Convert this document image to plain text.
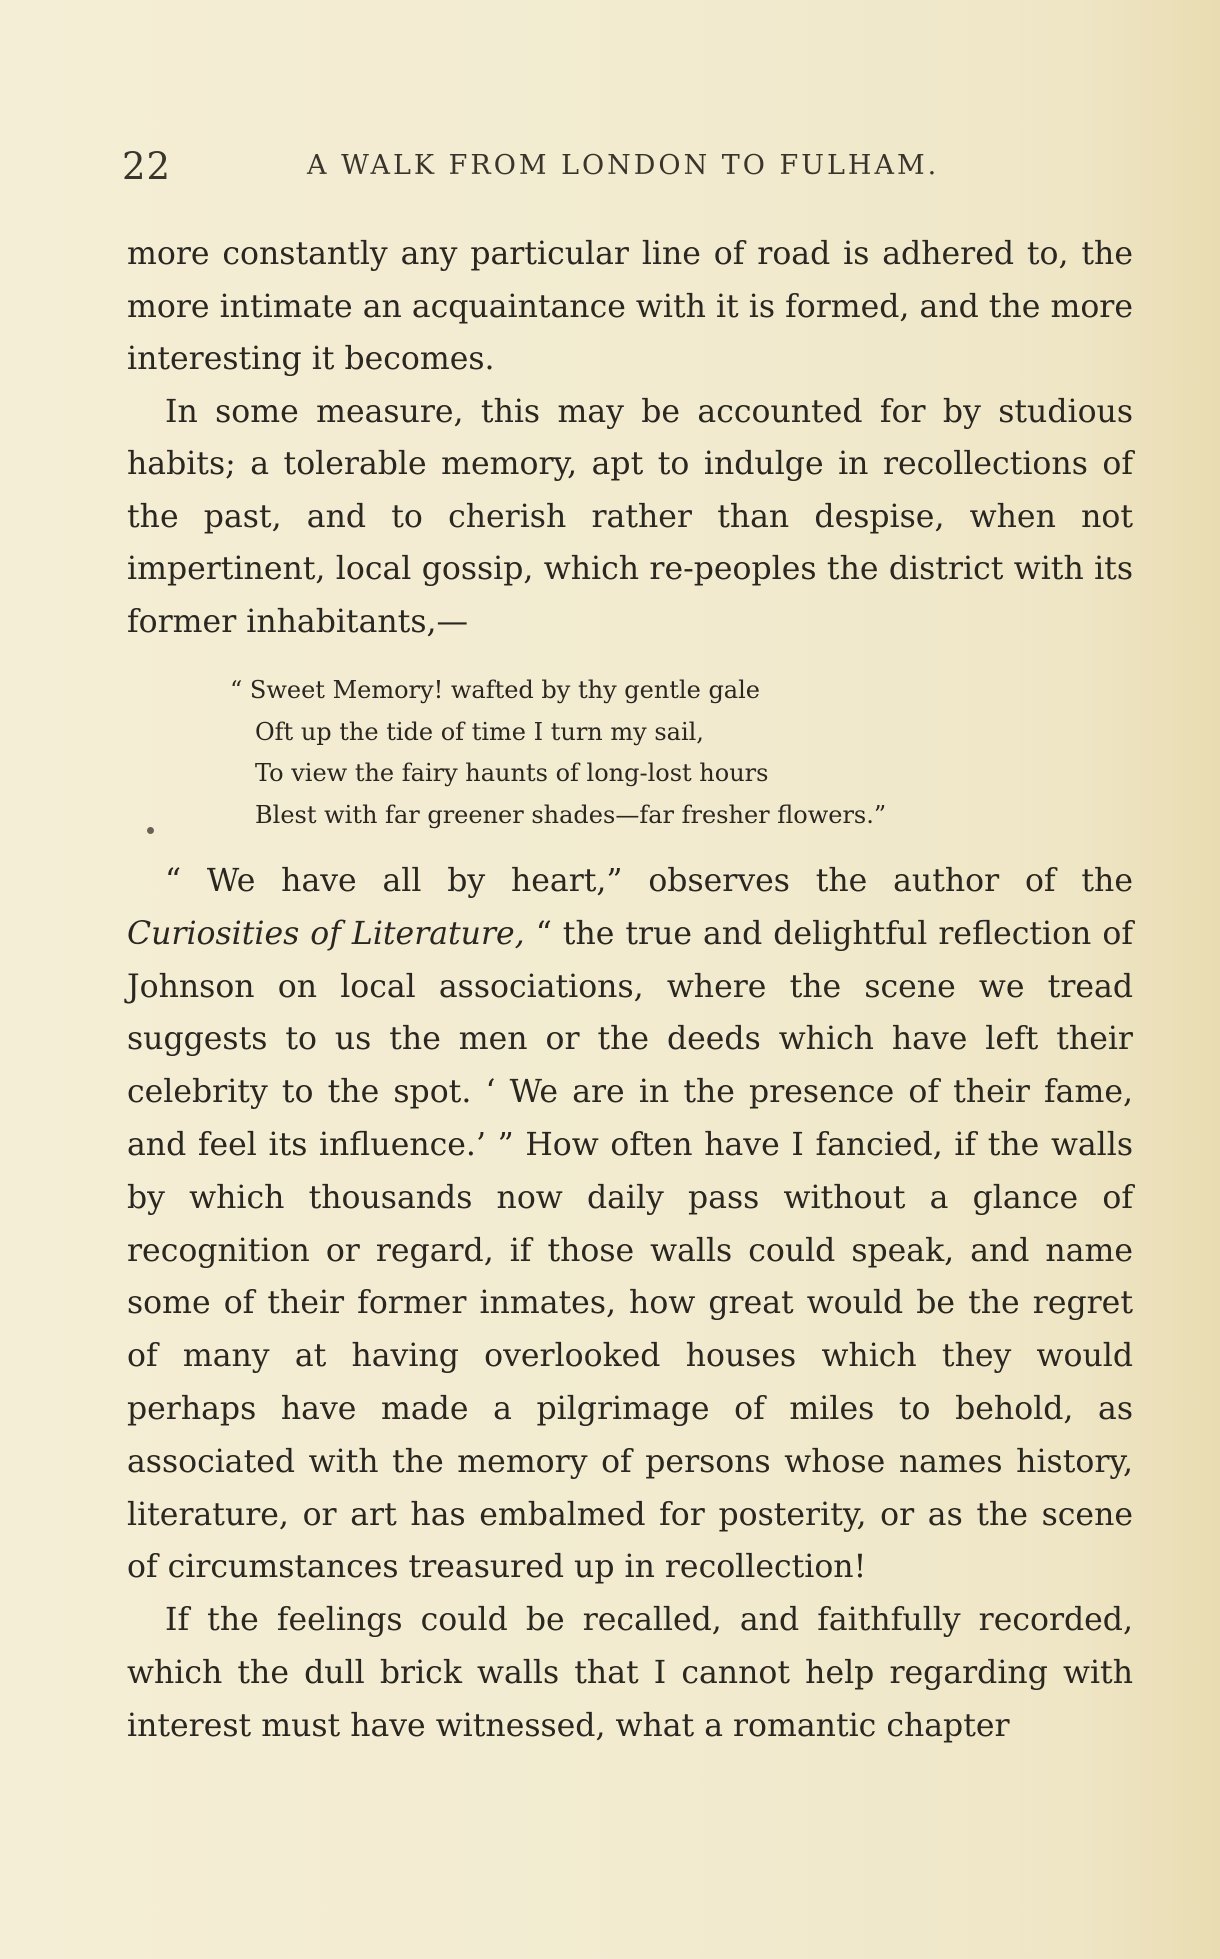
22	A WALK FROM LONDON TO FULHAM.

more constantly any particular line of road is adhered to, the more intimate an acquaintance with it is formed, and the more interesting it becomes.

In some measure, this may be accounted for by studious habits; a tolerable memory, apt to indulge in recollections of the past, and to cherish rather than despise, when not impertinent, local gossip, which re-peoples the district with its former inhabitants,—

“ Sweet Memory! wafted by thy gentle gale
Oft up the tide of time I turn my sail,
To view the fairy haunts of long-lost hours
Blest with far greener shades—far fresher flowers.”

“ We have all by heart,” observes the author of the Curiosities of Literature, “ the true and delightful reflection of Johnson on local associations, where the scene we tread suggests to us the men or the deeds which have left their celebrity to the spot. ‘ We are in the presence of their fame, and feel its influence.’ ” How often have I fancied, if the walls by which thousands now daily pass without a glance of recognition or regard, if those walls could speak, and name some of their former inmates, how great would be the regret of many at having overlooked houses which they would perhaps have made a pilgrimage of miles to behold, as associated with the memory of persons whose names history, literature, or art has embalmed for posterity, or as the scene of circumstances treasured up in recollection!

If the feelings could be recalled, and faithfully recorded, which the dull brick walls that I cannot help regarding with interest must have witnessed, what a romantic chapter
